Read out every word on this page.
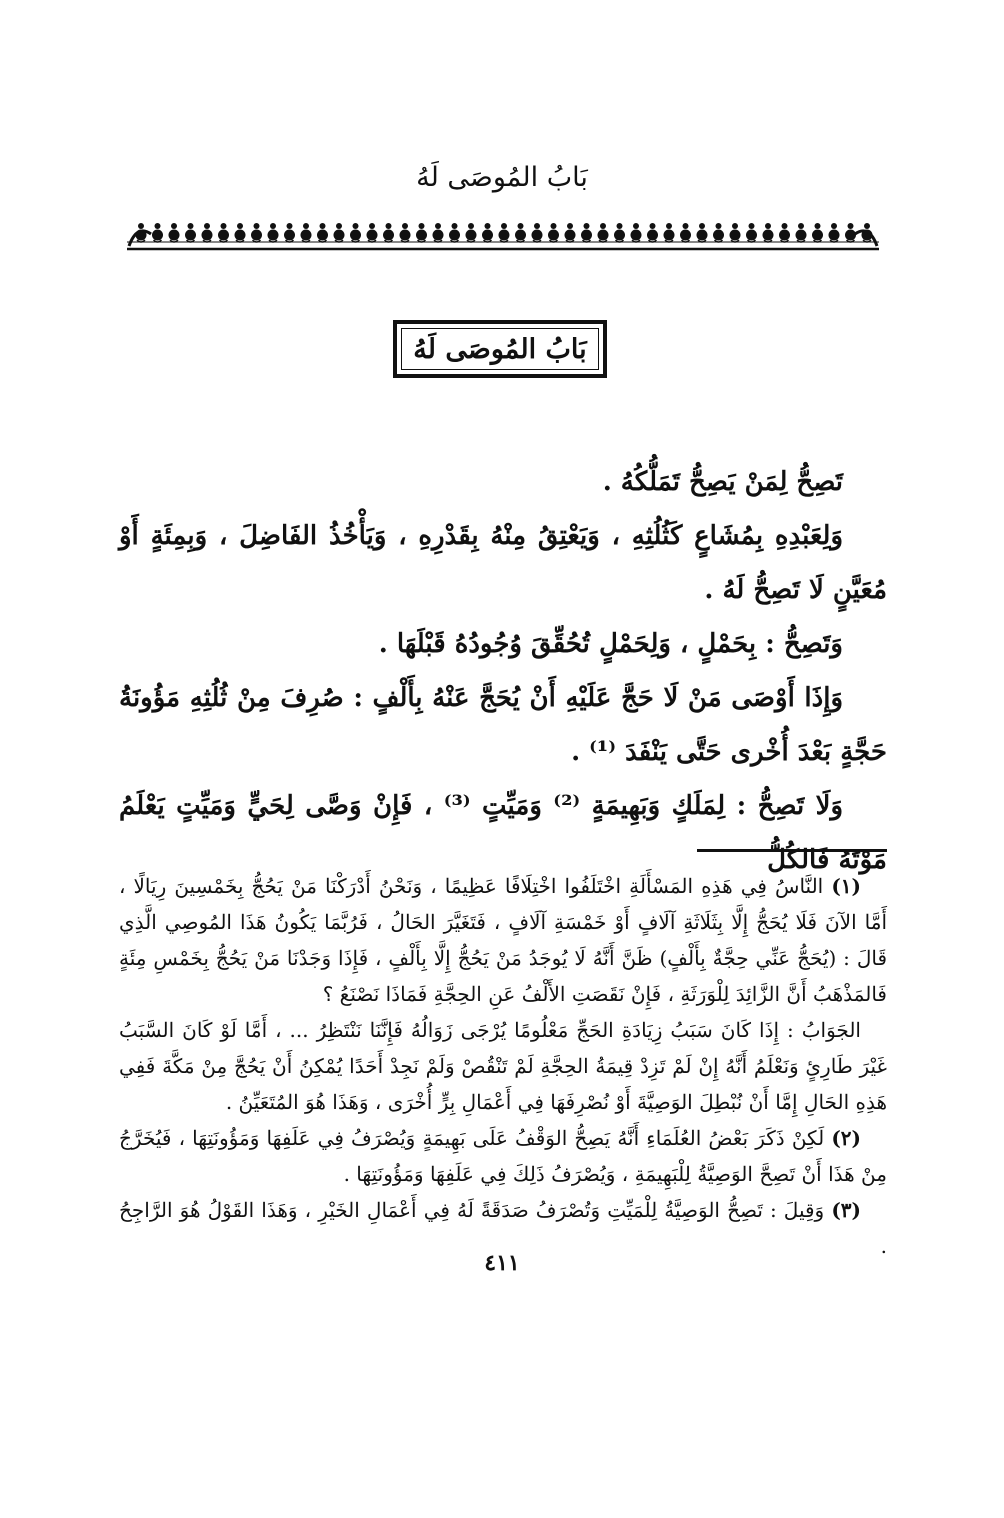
بَابُ المُوصَى لَهُ
بَابُ المُوصَى لَهُ

تَصِحُّ لِمَنْ يَصِحُّ تَمَلُّكُهُ .

وَلِعَبْدِهِ بِمُشَاعٍ كَثُلُثِهِ ، وَيَعْتِقُ مِنْهُ بِقَدْرِهِ ، وَيَأْخُذُ الفَاضِلَ ، وَبِمِئَةٍ أَوْ مُعَيَّنٍ لَا تَصِحُّ لَهُ .

وَتَصِحُّ : بِحَمْلٍ ، وَلِحَمْلٍ تُحُقِّقَ وُجُودُهُ قَبْلَهَا .

وَإِذَا أَوْصَى مَنْ لَا حَجَّ عَلَيْهِ أَنْ يُحَجَّ عَنْهُ بِأَلْفٍ : صُرِفَ مِنْ ثُلُثِهِ مَؤُونَةُ حَجَّةٍ بَعْدَ أُخْرى حَتَّى يَنْفَدَ ⁽¹⁾ .

وَلَا تَصِحُّ : لِمَلَكٍ وَبَهِيمَةٍ ⁽²⁾ وَمَيِّتٍ ⁽³⁾ ، فَإِنْ وَصَّى لِحَيٍّ وَمَيِّتٍ يَعْلَمُ مَوْتَهُ فَالكُلُّ

(١) النَّاسُ فِي هَذِهِ المَسْأَلَةِ اخْتَلَفُوا اخْتِلَافًا عَظِيمًا ، وَنَحْنُ أَدْرَكْنَا مَنْ يَحُجُّ بِخَمْسِينَ رِيَالًا ، أَمَّا الآنَ فَلَا يُحَجُّ إِلَّا بِثَلَاثَةِ آلَافٍ أَوْ خَمْسَةِ آلَافٍ ، فَتَغَيَّرَ الحَالُ ، فَرُبَّمَا يَكُونُ هَذَا المُوصِي الَّذِي قَالَ : (يُحَجُّ عَنِّي حِجَّةٌ بِأَلْفٍ) ظَنَّ أَنَّهُ لَا يُوجَدُ مَنْ يَحُجُّ إِلَّا بِأَلْفٍ ، فَإِذَا وَجَدْنَا مَنْ يَحُجُّ بِخَمْسِ مِئَةٍ فَالمَذْهَبُ أَنَّ الزَّائِدَ لِلْوَرَثَةِ ، فَإِنْ نَقَصَتِ الأَلْفُ عَنِ الحِجَّةِ فَمَاذَا نَصْنَعُ ؟

الجَوَابُ : إِذَا كَانَ سَبَبُ زِيَادَةِ الحَجِّ مَعْلُومًا يُرْجَى زَوَالُهُ فَإِنَّنَا نَنْتَظِرُ ... ، أَمَّا لَوْ كَانَ السَّبَبُ غَيْرَ طَارِئٍ وَنَعْلَمُ أَنَّهُ إِنْ لَمْ تَزِدْ قِيمَةُ الحِجَّةِ لَمْ تَنْقُصْ وَلَمْ نَجِدْ أَحَدًا يُمْكِنُ أَنْ يَحُجَّ مِنْ مَكَّةَ فَفِي هَذِهِ الحَالِ إِمَّا أَنْ نُبْطِلَ الوَصِيَّةَ أَوْ نُصْرِفَهَا فِي أَعْمَالِ بِرٍّ أُخْرَى ، وَهَذَا هُوَ المُتَعَيِّنُ .

(٢) لَكِنْ ذَكَرَ بَعْضُ العُلَمَاءِ أَنَّهُ يَصِحُّ الوَقْفُ عَلَى بَهِيمَةٍ وَيُصْرَفُ فِي عَلَفِهَا وَمَؤُونَتِهَا ، فَيُخَرَّجُ مِنْ هَذَا أَنْ تَصِحَّ الوَصِيَّةُ لِلْبَهِيمَةِ ، وَيُصْرَفُ ذَلِكَ فِي عَلَفِهَا وَمَؤُونَتِهَا .

(٣) وَقِيلَ : تَصِحُّ الوَصِيَّةُ لِلْمَيِّتِ وَتُصْرَفُ صَدَقَةً لَهُ فِي أَعْمَالِ الخَيْرِ ، وَهَذَا القَوْلُ هُوَ الرَّاجِحُ .

٤١١
